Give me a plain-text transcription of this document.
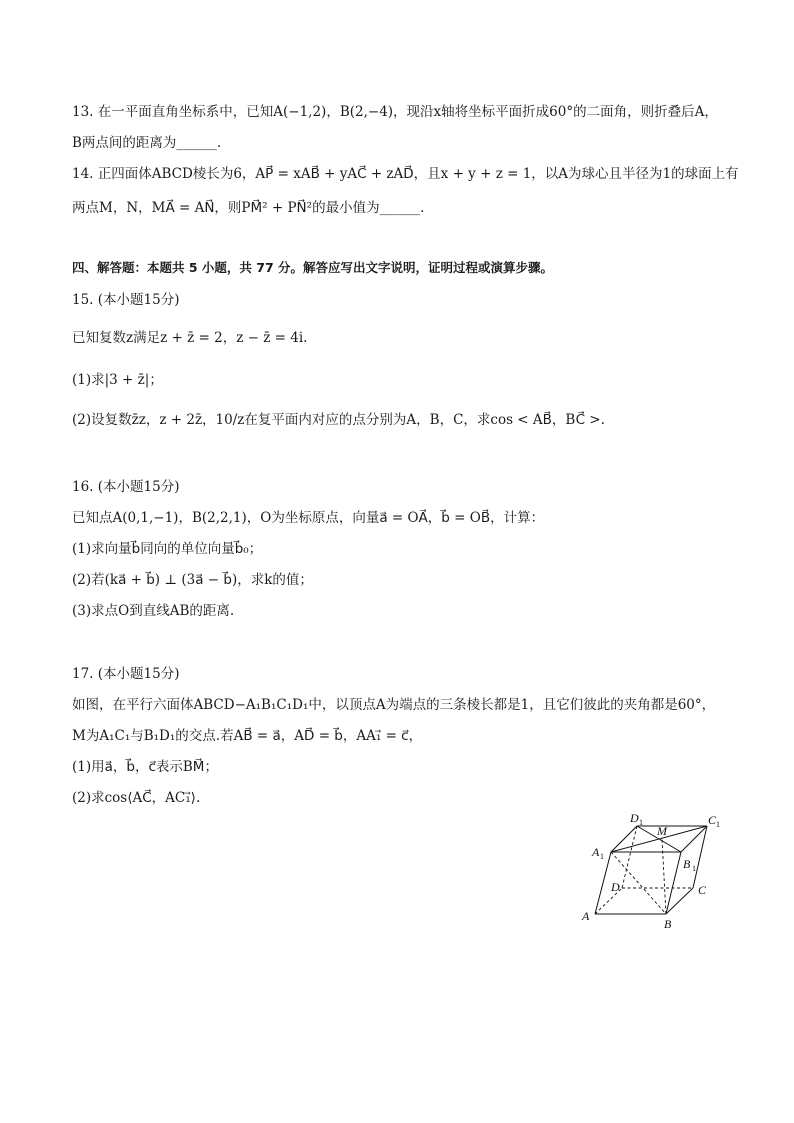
13. 在一平面直角坐标系中，已知A(−1,2)，B(2,−4)，现沿x轴将坐标平面折成60°的二面角，则折叠后A，
B两点间的距离为______.
14. 正四面体ABCD棱长为6，AP⃗ = xAB⃗ + yAC⃗ + zAD⃗，且x + y + z = 1，以A为球心且半径为1的球面上有
两点M，N，MA⃗ = AN⃗，则PM⃗² + PN⃗²的最小值为______.
四、解答题：本题共 5 小题，共 77 分。解答应写出文字说明，证明过程或演算步骤。
15. (本小题15分)
已知复数z满足z + z̄ = 2，z − z̄ = 4i.
(1)求|3 + z̄|；
(2)设复数z̄z，z + 2z̄，10/z在复平面内对应的点分别为A，B，C，求cos < AB⃗，BC⃗ >.
16. (本小题15分)
已知点A(0,1,−1)，B(2,2,1)，O为坐标原点，向量a⃗ = OA⃗，b⃗ = OB⃗，计算：
(1)求向量b⃗同向的单位向量b⃗₀；
(2)若(ka⃗ + b⃗) ⊥ (3a⃗ − b⃗)，求k的值；
(3)求点O到直线AB的距离.
17. (本小题15分)
如图，在平行六面体ABCD−A₁B₁C₁D₁中，以顶点A为端点的三条棱长都是1，且它们彼此的夹角都是60°，
M为A₁C₁与B₁D₁的交点.若AB⃗ = a⃗，AD⃗ = b⃗，AA₁⃗ = c⃗，
(1)用a⃗，b⃗，c⃗表示BM⃗；
(2)求cos⟨AC⃗，AC₁⃗⟩.
A
B
C
D
A 1
B 1
C 1
D 1
M
